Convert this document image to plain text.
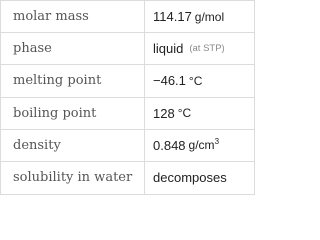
molar mass	114.17 g/mol
phase	liquid (at STP)
melting point	−46.1 °C
boiling point	128 °C
density	0.848 $g/cm^3$
solubility in water	decomposes
